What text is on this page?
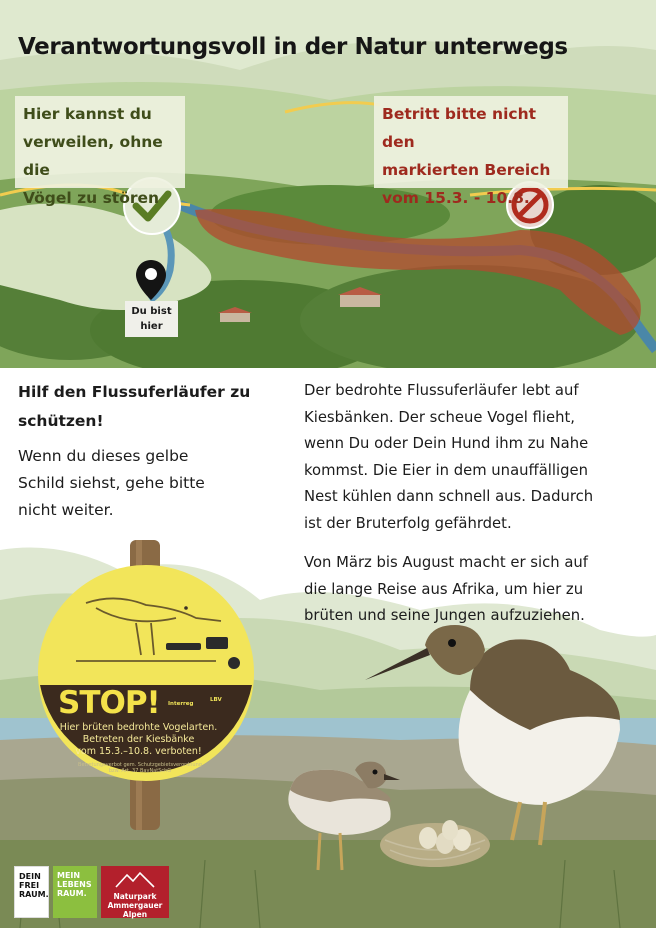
Verantwortungsvoll in der Natur unterwegs
Hier kannst du
verweilen, ohne die
Vögel zu stören
Betritt bitte nicht den
markierten Bereich
vom 15.3. - 10.8.
Du bist
hier
Hilf den Flussuferläufer zu
schützen!
Wenn du dieses gelbe
Schild siehst, gehe bitte
nicht weiter.
STOP!
Hier brüten bedrohte Vogelarten.
Betreten der Kiesbänke
vom 15.3.–10.8. verboten!
Betretungsverbot gem. Schutzgebietsverordnung
bzw. Art. 37 BayNatSchG
Interreg
LBV

Der bedrohte Flussuferläufer lebt auf
Kiesbänken. Der scheue Vogel flieht,
wenn Du oder Dein Hund ihm zu Nahe
kommst. Die Eier in dem unauffälligen
Nest kühlen dann schnell aus. Dadurch
ist der Bruterfolg gefährdet.

Von März bis August macht er sich auf
die lange Reise aus Afrika, um hier zu
brüten und seine Jungen aufzuziehen.

DEIN
FREI
RAUM.
MEIN
LEBENS
RAUM.	Naturpark
Ammergauer Alpen
